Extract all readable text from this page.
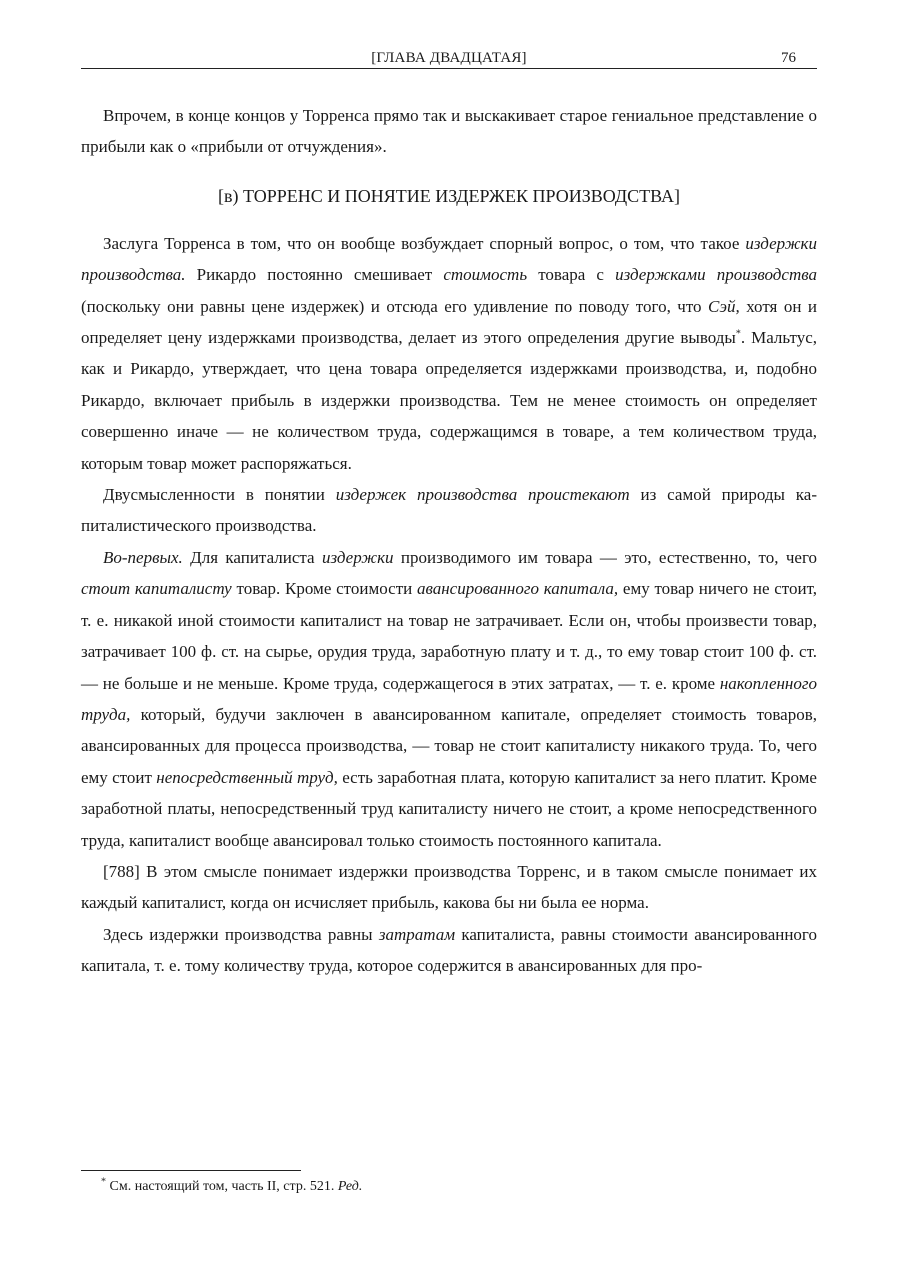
[ГЛАВА ДВАДЦАТАЯ]	76

Впрочем, в конце концов у Торренса прямо так и выскакивает старое гениальное представление о прибыли как о «прибыли от отчуждения».

[в) ТОРРЕНС И ПОНЯТИЕ ИЗДЕРЖЕК ПРОИЗВОДСТВА]

Заслуга Торренса в том, что он вообще возбуждает спорный вопрос, о том, что такое издержки производства. Рикардо постоянно смешивает стоимость товара с издержками производства (поскольку они равны цене издержек) и отсюда его удивление по поводу того, что Сэй, хотя он и определяет цену издержками производства, делает из этого определения другие выводы*. Мальтус, как и Рикардо, утверждает, что цена товара определяется издержками производства, и, подобно Рикардо, включает прибыль в издержки производства. Тем не менее стоимость он определяет совершенно иначе — не количеством труда, содержащимся в товаре, а тем количеством труда, которым товар может распоряжаться.

Двусмысленности в понятии издержек производства проистекают из самой природы капиталистического производства.

Во-первых. Для капиталиста издержки производимого им товара — это, естественно, то, чего стоит капиталисту товар. Кроме стоимости авансированного капитала, ему товар ничего не стоит, т. е. никакой иной стоимости капиталист на товар не затрачивает. Если он, чтобы произвести товар, затрачивает 100 ф. ст. на сырье, орудия труда, заработную плату и т. д., то ему товар стоит 100 ф. ст. — не больше и не меньше. Кроме труда, содержащегося в этих затратах, — т. е. кроме накопленного труда, который, будучи заключен в авансированном капитале, определяет стоимость товаров, авансированных для процесса производства, — товар не стоит капиталисту никакого труда. То, чего ему стоит непосредственный труд, есть заработная плата, которую капиталист за него платит. Кроме заработной платы, непосредственный труд капиталисту ничего не стоит, а кроме непосредственного труда, капиталист вообще авансировал только стоимость постоянного капитала.

[788] В этом смысле понимает издержки производства Торренс, и в таком смысле понимает их каждый капиталист, когда он исчисляет прибыль, какова бы ни была ее норма.

Здесь издержки производства равны затратам капиталиста, равны стоимости авансированного капитала, т. е. тому количеству труда, которое содержится в авансированных для про-

* См. настоящий том, часть II, стр. 521. Ред.
